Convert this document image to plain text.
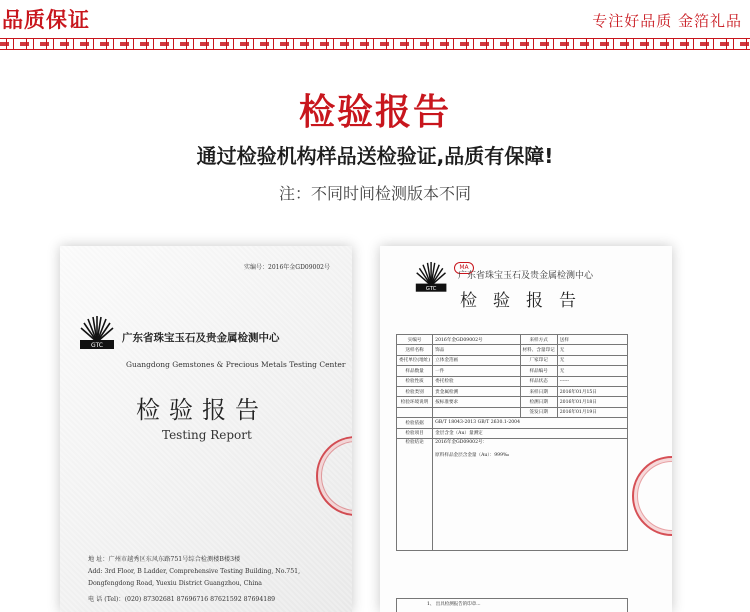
品质保证	专注好品质 金箔礼品
检验报告
通过检验机构样品送检验证,品质有保障!
注：不同时间检测版本不同
实编号：2016年金GD09002号
GTC
广东省珠宝玉石及贵金属检测中心
Guangdong Gemstones & Precious Metals Testing Center
检验报告
Testing Report
地 址：广州市越秀区东风东路751号综合检测楼B楼3楼
Add: 3rd Floor, B Ladder, Comprehensive Testing Building, No.751,
Dongfengdong Road, Yuexiu District Guangzhou, China
电 话 (Tel)：(020) 87302681 87696716 87621592 87694189
GTC
MA
广东省珠宝玉石及贵金属检测中心
检验报告
实编号	2016年金GD09002号	来样方式	送样
送样名称	饰品	材料、含量印记	无
委托单位(地址)	立体金箔画	厂家印记	无
样品数量	一件	样品编号	无
检验性质	委托检验	样品状态	------
检验类别	贵金属检测	来样日期	2016年01月15日
检验环境说明	按标准要求	检测日期	2016年01月18日
		签发日期	2016年01月19日
检验依据	GB/T 18043-2013 GB/T 2630.1-2004		
检验项目	金层含金（Au）量测定		
检验结论	2016年金GD09002号：
原料样品金层含金量（Au）：999‰		
1、 出具检测报告的印章...
